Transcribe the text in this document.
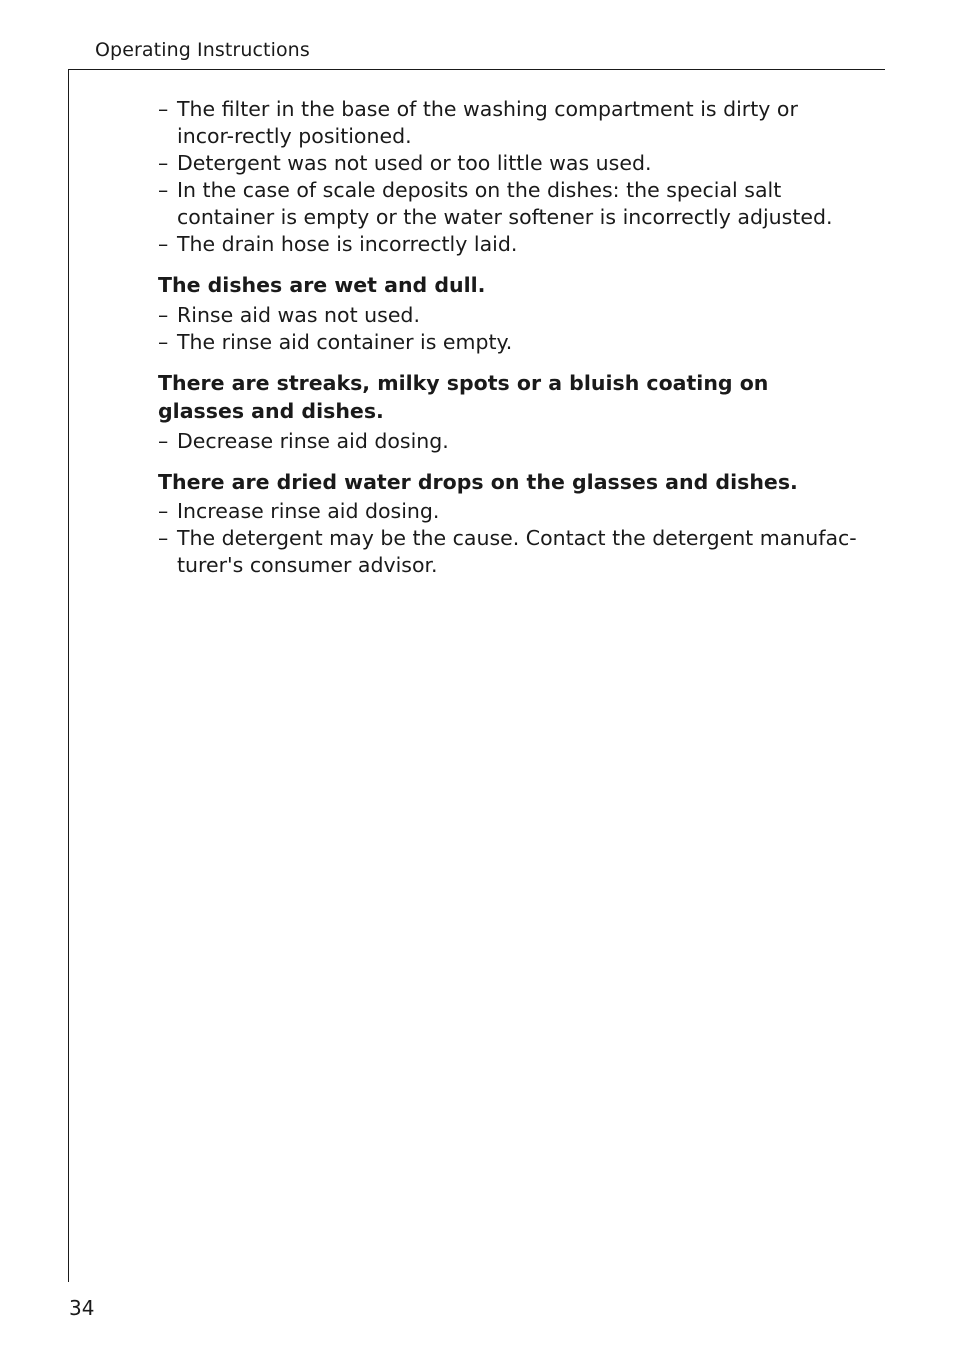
Operating Instructions
– The filter in the base of the washing compartment is dirty or incor-rectly positioned.
– Detergent was not used or too little was used.
– In the case of scale deposits on the dishes: the special salt container is empty or the water softener is incorrectly adjusted.
– The drain hose is incorrectly laid.
The dishes are wet and dull.
– Rinse aid was not used.
– The rinse aid container is empty.
There are streaks, milky spots or a bluish coating on glasses and dishes.
– Decrease rinse aid dosing.
There are dried water drops on the glasses and dishes.
– Increase rinse aid dosing.
– The detergent may be the cause. Contact the detergent manufac-turer's consumer advisor.
34
